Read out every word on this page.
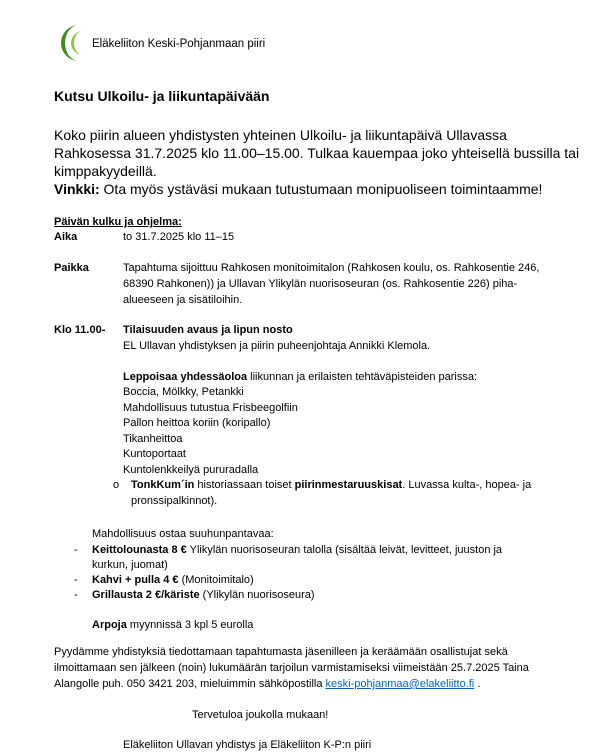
Eläkeliiton Keski-Pohjanmaan piiri
Kutsu Ulkoilu- ja liikuntapäivään
Koko piirin alueen yhdistysten yhteinen Ulkoilu- ja liikuntapäivä Ullavassa
Rahkosessa 31.7.2025 klo 11.00–15.00. Tulkaa kauempaa joko yhteisellä bussilla tai
kimppakyydeillä.
Vinkki: Ota myös ystäväsi mukaan tutustumaan monipuoliseen toimintaamme!
Päivän kulku ja ohjelma:
Aika	to 31.7.2025 klo 11–15
Paikka	Tapahtuma sijoittuu Rahkosen monitoimitalon (Rahkosen koulu, os. Rahkosentie 246,
68390 Rahkonen)) ja Ullavan Ylikylän nuorisoseuran (os. Rahkosentie 226) piha-
alueeseen ja sisätiloihin.
Klo 11.00- Tilaisuuden avaus ja lipun nosto
EL Ullavan yhdistyksen ja piirin puheenjohtaja Annikki Klemola.
Leppoisaa yhdessäoloa liikunnan ja erilaisten tehtäväpisteiden parissa:
Boccia, Mölkky, Petankki
Mahdollisuus tutustua Frisbeegolfiin
Pallon heittoa koriin (koripallo)
Tikanheittoa
Kuntoportaat
Kuntolenkkeilyä pururadalla
o TonkKum´in historiassaan toiset piirinmestaruuskisat. Luvassa kulta-, hopea- ja
pronssipalkinnot).
Mahdollisuus ostaa suuhunpantavaa:
- Keittolounasta 8 € Ylikylän nuorisoseuran talolla (sisältää leivät, levitteet, juuston ja
kurkun, juomat)
- Kahvi + pulla 4 € (Monitoimitalo)
- Grillausta 2 €/käriste (Ylikylän nuorisoseura)
Arpoja myynnissä 3 kpl 5 eurolla
Pyydämme yhdistyksiä tiedottamaan tapahtumasta jäsenilleen ja keräämään osallistujat sekä
ilmoittamaan sen jälkeen (noin) lukumäärän tarjoilun varmistamiseksi viimeistään 25.7.2025 Taina
Alangolle puh. 050 3421 203, mieluimmin sähköpostilla keski-pohjanmaa@elakeliitto.fi .
Tervetuloa joukolla mukaan!
Eläkeliiton Ullavan yhdistys ja Eläkeliiton K-P:n piiri
